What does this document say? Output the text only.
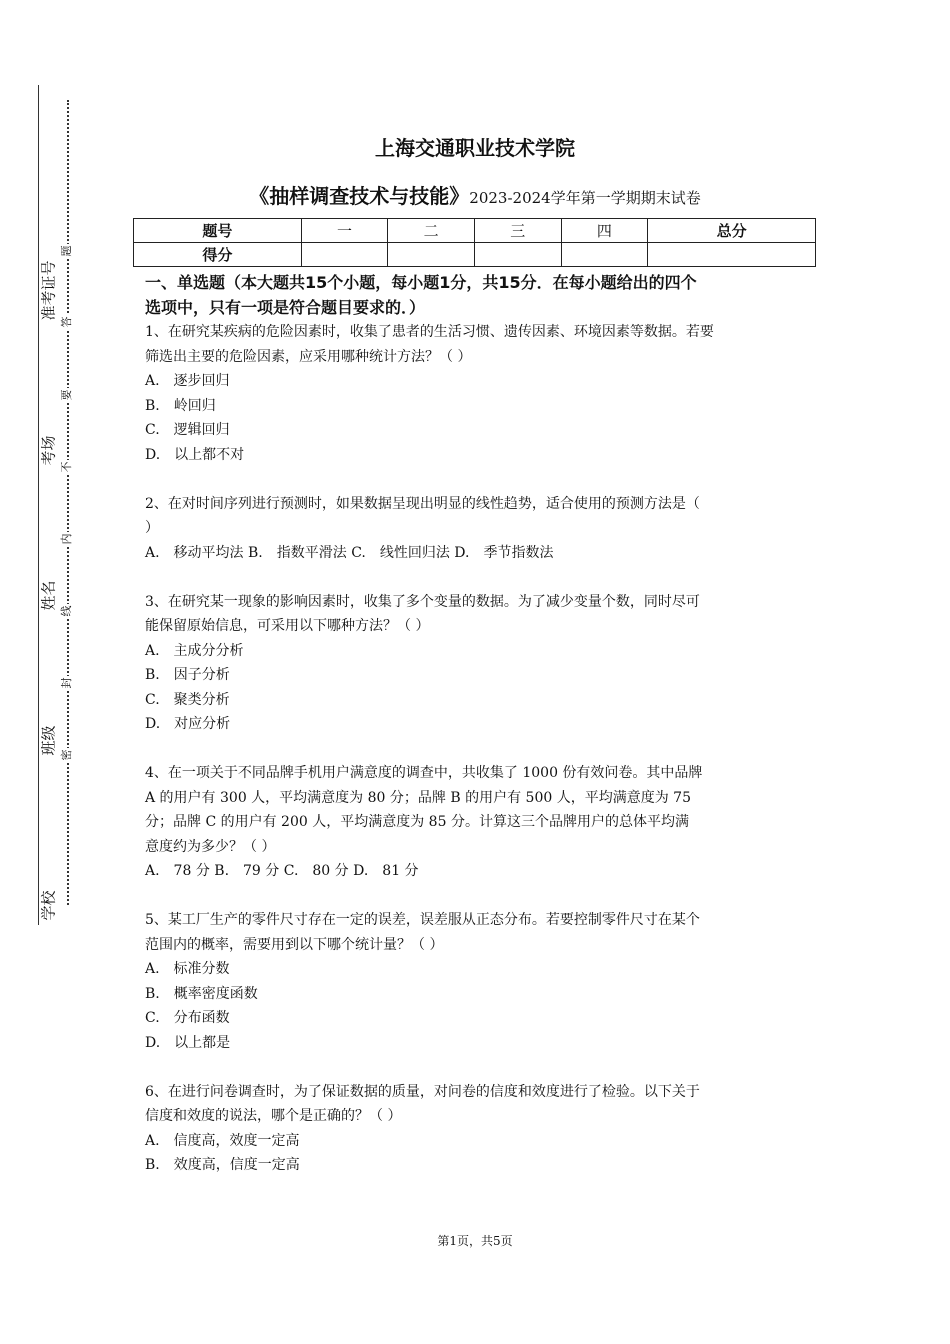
准考证号
考场
姓名
班级
学校
题
答
要
不
内
线
封
密
上海交通职业技术学院
《抽样调查技术与技能》2023-2024学年第一学期期末试卷
题号	一	二	三	四	总分
得分					
一、单选题（本大题共15个小题，每小题1分，共15分．在每小题给出的四个
选项中，只有一项是符合题目要求的．）
1、在研究某疾病的危险因素时，收集了患者的生活习惯、遗传因素、环境因素等数据。若要
筛选出主要的危险因素，应采用哪种统计方法？（ ）
A.　逐步回归
B.　岭回归
C.　逻辑回归
D.　以上都不对
2、在对时间序列进行预测时，如果数据呈现出明显的线性趋势，适合使用的预测方法是（
）
A.　移动平均法 B.　指数平滑法 C.　线性回归法 D.　季节指数法
3、在研究某一现象的影响因素时，收集了多个变量的数据。为了减少变量个数，同时尽可
能保留原始信息，可采用以下哪种方法？（ ）
A.　主成分分析
B.　因子分析
C.　聚类分析
D.　对应分析
4、在一项关于不同品牌手机用户满意度的调查中，共收集了 1000 份有效问卷。其中品牌
A 的用户有 300 人，平均满意度为 80 分；品牌 B 的用户有 500 人，平均满意度为 75
分；品牌 C 的用户有 200 人，平均满意度为 85 分。计算这三个品牌用户的总体平均满
意度约为多少？（ ）
A.　78 分 B.　79 分 C.　80 分 D.　81 分
5、某工厂生产的零件尺寸存在一定的误差，误差服从正态分布。若要控制零件尺寸在某个
范围内的概率，需要用到以下哪个统计量？（ ）
A.　标准分数
B.　概率密度函数
C.　分布函数
D.　以上都是
6、在进行问卷调查时，为了保证数据的质量，对问卷的信度和效度进行了检验。以下关于
信度和效度的说法，哪个是正确的？（ ）
A.　信度高，效度一定高
B.　效度高，信度一定高
第1页，共5页
